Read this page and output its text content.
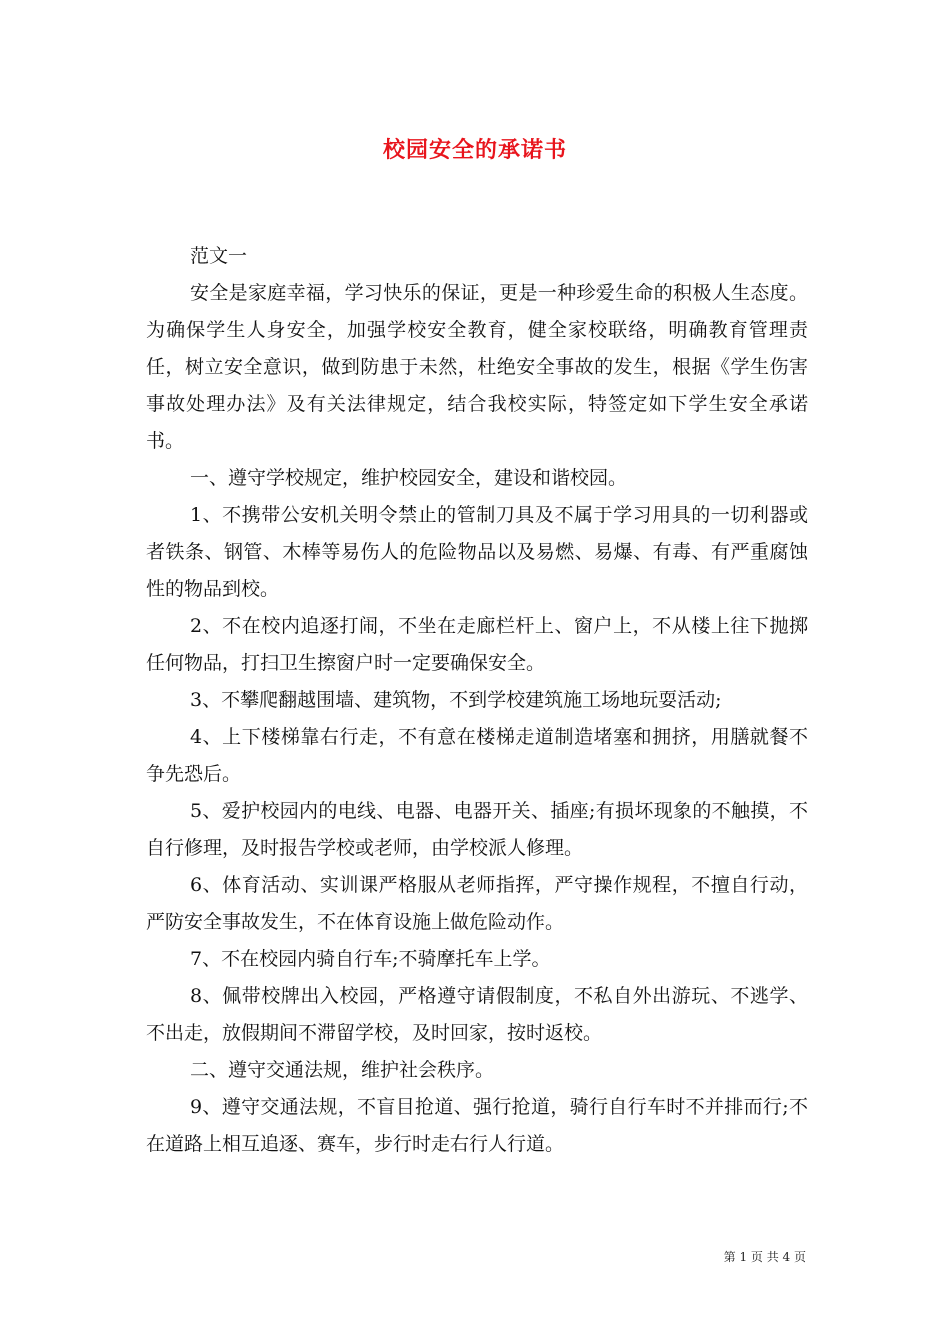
校园安全的承诺书

范文一

安全是家庭幸福，学习快乐的保证，更是一种珍爱生命的积极人生态度。为确保学生人身安全，加强学校安全教育，健全家校联络，明确教育管理责任，树立安全意识，做到防患于未然，杜绝安全事故的发生，根据《学生伤害事故处理办法》及有关法律规定，结合我校实际，特签定如下学生安全承诺书。

一、遵守学校规定，维护校园安全，建设和谐校园。

1、不携带公安机关明令禁止的管制刀具及不属于学习用具的一切利器或者铁条、钢管、木棒等易伤人的危险物品以及易燃、易爆、有毒、有严重腐蚀性的物品到校。

2、不在校内追逐打闹，不坐在走廊栏杆上、窗户上，不从楼上往下抛掷任何物品，打扫卫生擦窗户时一定要确保安全。

3、不攀爬翻越围墙、建筑物，不到学校建筑施工场地玩耍活动;

4、上下楼梯靠右行走，不有意在楼梯走道制造堵塞和拥挤，用膳就餐不争先恐后。

5、爱护校园内的电线、电器、电器开关、插座;有损坏现象的不触摸，不自行修理，及时报告学校或老师，由学校派人修理。

6、体育活动、实训课严格服从老师指挥，严守操作规程，不擅自行动，严防安全事故发生，不在体育设施上做危险动作。

7、不在校园内骑自行车;不骑摩托车上学。

8、佩带校牌出入校园，严格遵守请假制度，不私自外出游玩、不逃学、不出走，放假期间不滞留学校，及时回家，按时返校。

二、遵守交通法规，维护社会秩序。

9、遵守交通法规，不盲目抢道、强行抢道，骑行自行车时不并排而行;不在道路上相互追逐、赛车，步行时走右行人行道。

第 1 页 共 4 页
